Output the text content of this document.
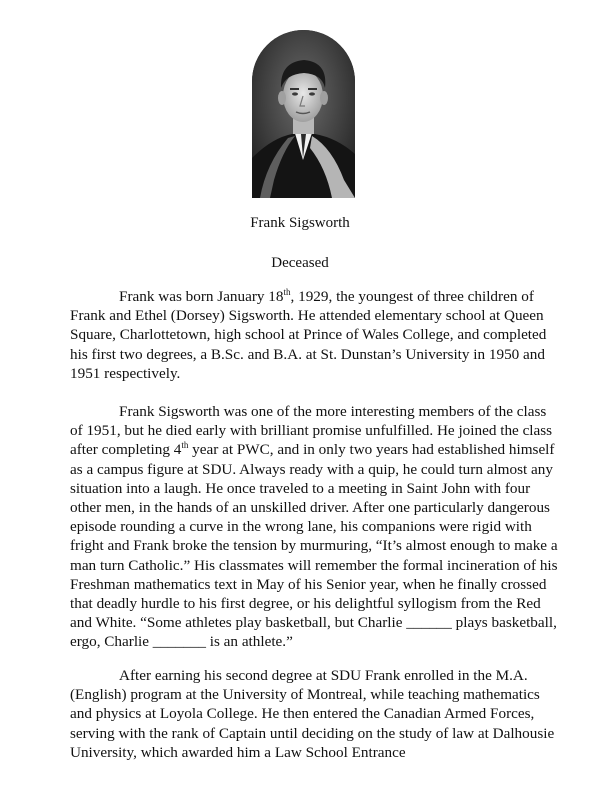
Frank Sigsworth
Deceased

Frank was born January 18th, 1929, the youngest of three children of Frank and Ethel (Dorsey) Sigsworth. He attended elementary school at Queen Square, Charlottetown, high school at Prince of Wales College, and completed his first two degrees, a B.Sc. and B.A. at St. Dunstan’s University in 1950 and 1951 respectively.

Frank Sigsworth was one of the more interesting members of the class of 1951, but he died early with brilliant promise unfulfilled. He joined the class after completing 4th year at PWC, and in only two years had established himself as a campus figure at SDU. Always ready with a quip, he could turn almost any situation into a laugh. He once traveled to a meeting in Saint John with four other men, in the hands of an unskilled driver. After one particularly dangerous episode rounding a curve in the wrong lane, his companions were rigid with fright and Frank broke the tension by murmuring, “It’s almost enough to make a man turn Catholic.” His classmates will remember the formal incineration of his Freshman mathematics text in May of his Senior year, when he finally crossed that deadly hurdle to his first degree, or his delightful syllogism from the Red and White. “Some athletes play basketball, but Charlie ______ plays basketball, ergo, Charlie _______ is an athlete.”

After earning his second degree at SDU Frank enrolled in the M.A.(English) program at the University of Montreal, while teaching mathematics and physics at Loyola College. He then entered the Canadian Armed Forces, serving with the rank of Captain until deciding on the study of law at Dalhousie University, which awarded him a Law School Entrance
